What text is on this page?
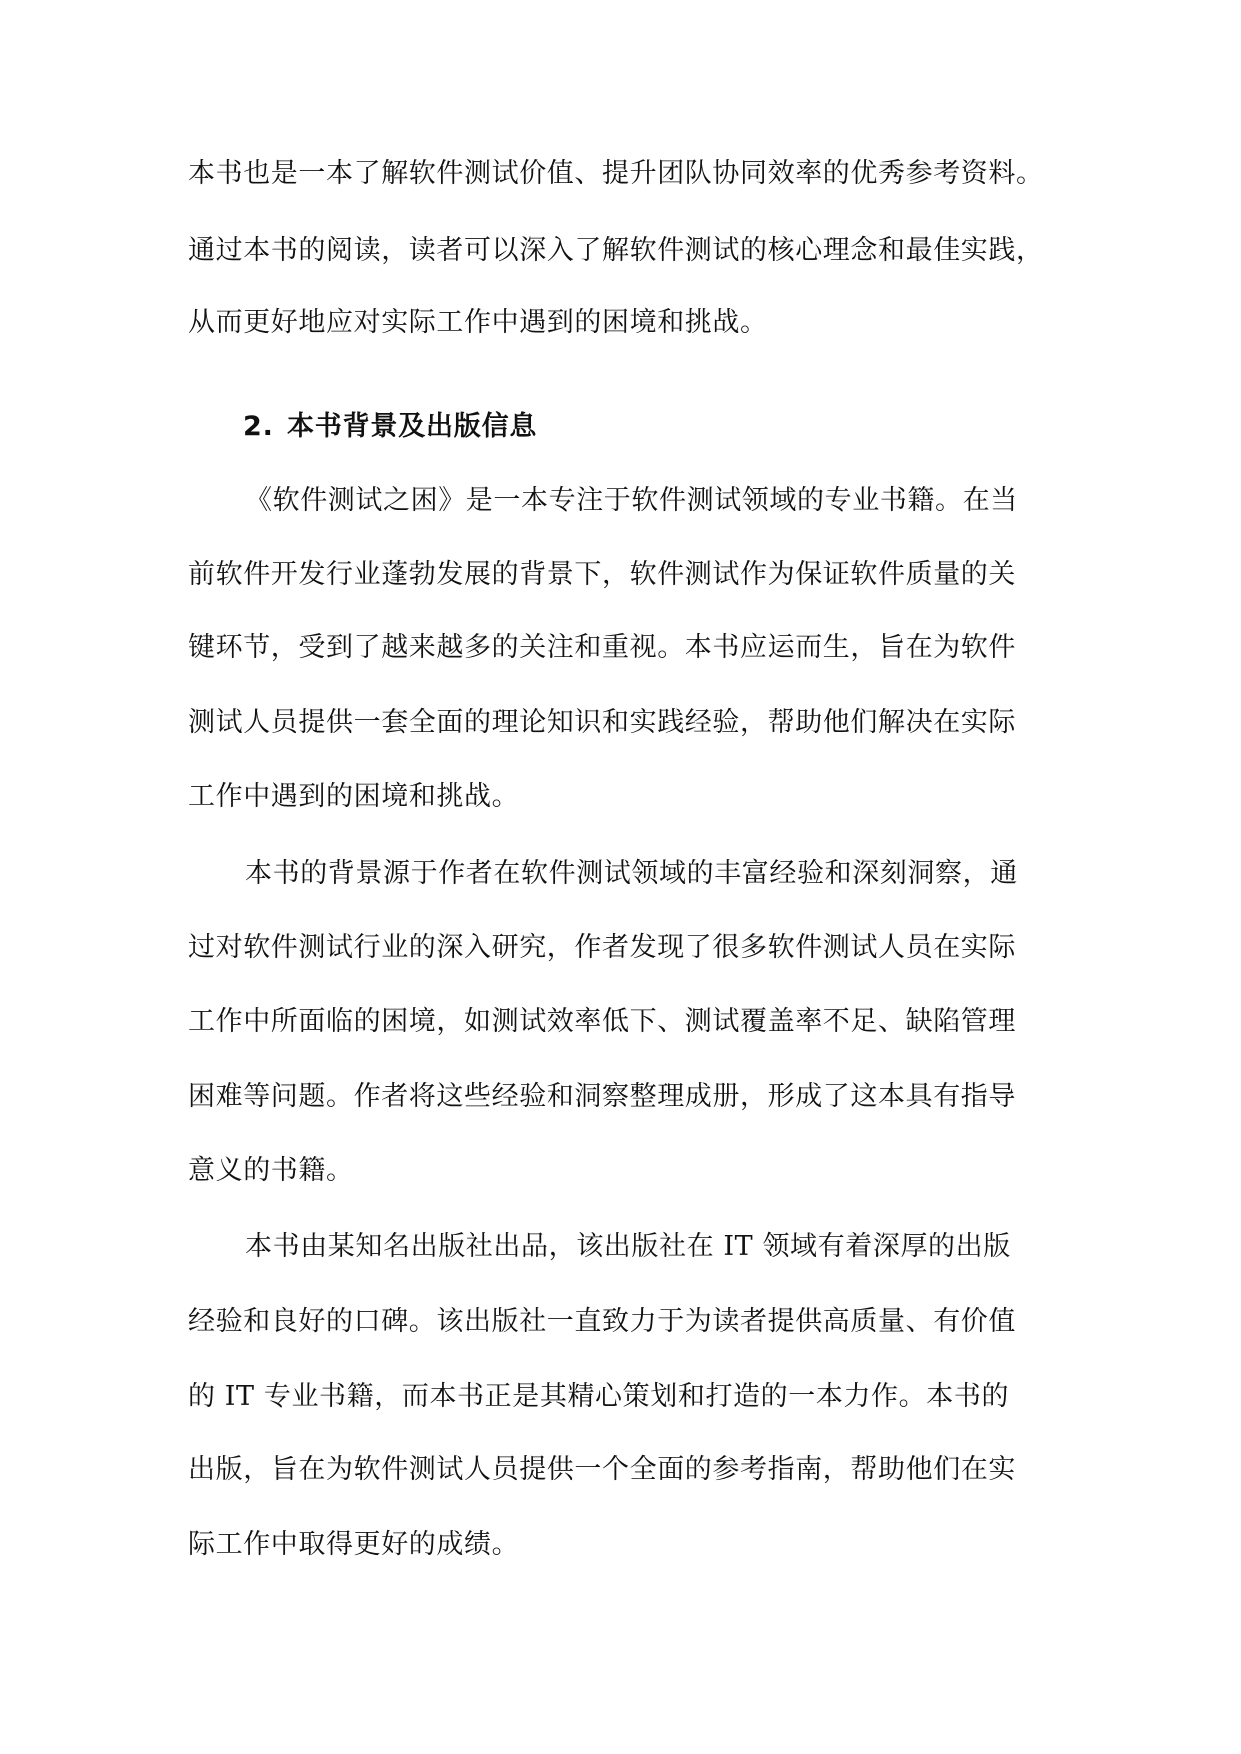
本书也是一本了解软件测试价值、提升团队协同效率的优秀参考资料。
通过本书的阅读，读者可以深入了解软件测试的核心理念和最佳实践，
从而更好地应对实际工作中遇到的困境和挑战。
2. 本书背景及出版信息
《软件测试之困》是一本专注于软件测试领域的专业书籍。在当
前软件开发行业蓬勃发展的背景下，软件测试作为保证软件质量的关
键环节，受到了越来越多的关注和重视。本书应运而生，旨在为软件
测试人员提供一套全面的理论知识和实践经验，帮助他们解决在实际
工作中遇到的困境和挑战。
本书的背景源于作者在软件测试领域的丰富经验和深刻洞察，通
过对软件测试行业的深入研究，作者发现了很多软件测试人员在实际
工作中所面临的困境，如测试效率低下、测试覆盖率不足、缺陷管理
困难等问题。作者将这些经验和洞察整理成册，形成了这本具有指导
意义的书籍。
本书由某知名出版社出品，该出版社在 IT 领域有着深厚的出版
经验和良好的口碑。该出版社一直致力于为读者提供高质量、有价值
的 IT 专业书籍，而本书正是其精心策划和打造的一本力作。本书的
出版，旨在为软件测试人员提供一个全面的参考指南，帮助他们在实
际工作中取得更好的成绩。
